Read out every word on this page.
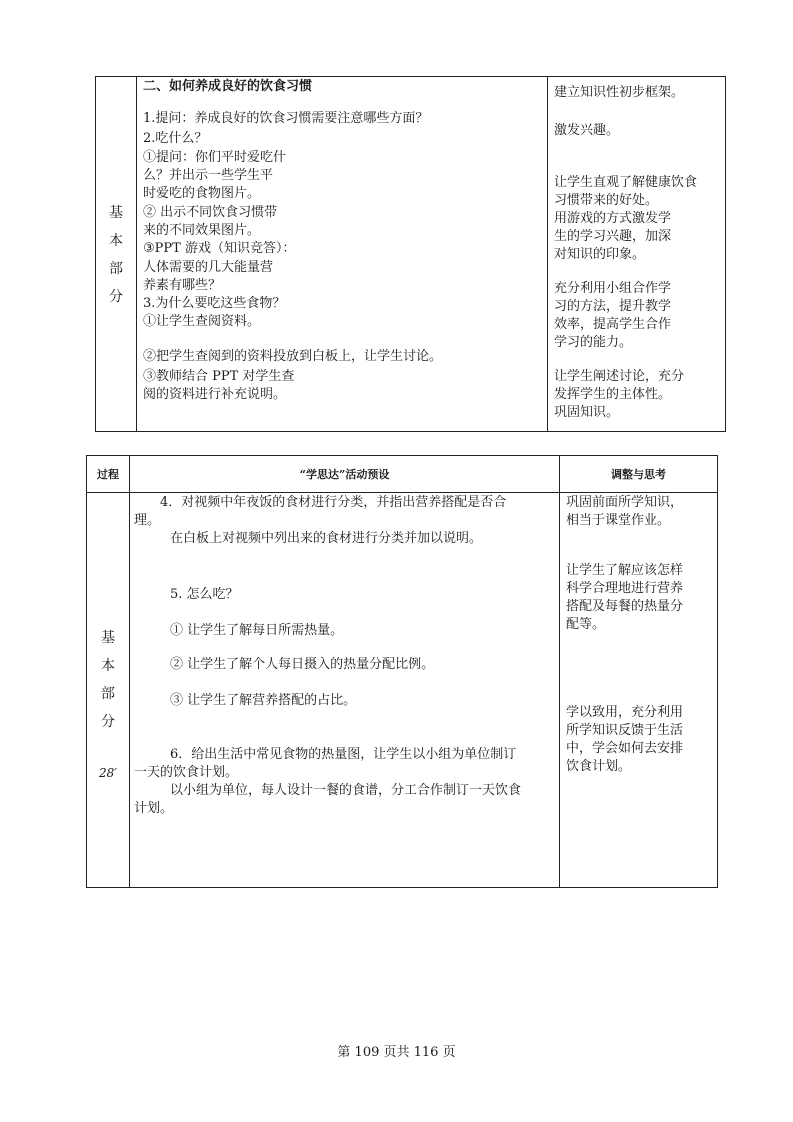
基
本
部
分
二、如何养成良好的饮食习惯
1.提问：养成良好的饮食习惯需要注意哪些方面？
2.吃什么？
①提问：你们平时爱吃什
么？并出示一些学生平
时爱吃的食物图片。
② 出示不同饮食习惯带
来的不同效果图片。
③PPT 游戏（知识竞答）：
人体需要的几大能量营
养素有哪些？
3.为什么要吃这些食物？
①让学生查阅资料。
②把学生查阅到的资料投放到白板上，让学生讨论。
③教师结合 PPT 对学生查
阅的资料进行补充说明。
建立知识性初步框架。
激发兴趣。
让学生直观了解健康饮食
习惯带来的好处。
用游戏的方式激发学
生的学习兴趣，加深
对知识的印象。
充分利用小组合作学
习的方法，提升教学
效率，提高学生合作
学习的能力。
让学生阐述讨论，充分
发挥学生的主体性。
巩固知识。
过程	“学思达”活动预设	调整与思考
基
本
部
分
28′
4．对视频中年夜饭的食材进行分类，并指出营养搭配是否合
理。
在白板上对视频中列出来的食材进行分类并加以说明。
5. 怎么吃？
① 让学生了解每日所需热量。
② 让学生了解个人每日摄入的热量分配比例。
③ 让学生了解营养搭配的占比。
6．给出生活中常见食物的热量图，让学生以小组为单位制订
一天的饮食计划。
以小组为单位，每人设计一餐的食谱，分工合作制订一天饮食
计划。
巩固前面所学知识，
相当于课堂作业。
让学生了解应该怎样
科学合理地进行营养
搭配及每餐的热量分
配等。
学以致用，充分利用
所学知识反馈于生活
中，学会如何去安排
饮食计划。
第 109 页共 116 页
